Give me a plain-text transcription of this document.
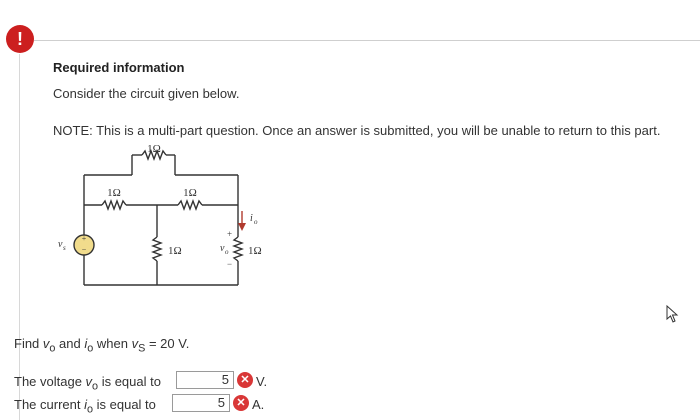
!
Required information
Consider the circuit given below.
NOTE: This is a multi-part question. Once an answer is submitted, you will be unable to return to this part.
+
−
1Ω
1Ω	1Ω
1Ω	1Ω
v s	v o
+
−
i o
Find $v_o$ and $i_o$ when $v_S = 20$ V.
The voltage $v_o$ is equal to	5	✕ V.
The current $i_o$ is equal to	5	✕ A.
